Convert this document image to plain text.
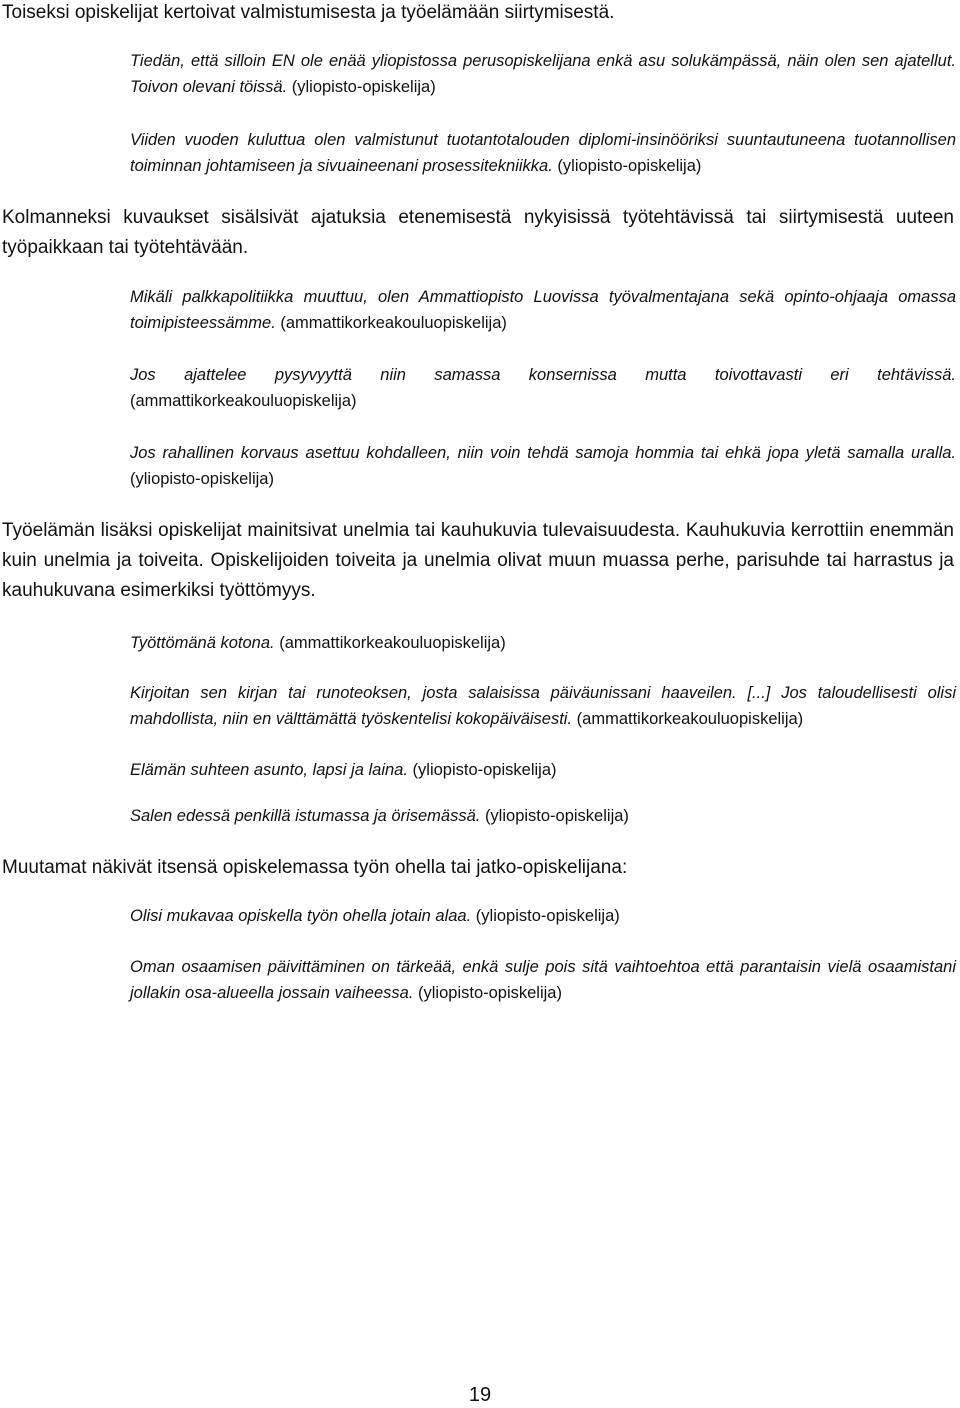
Toiseksi opiskelijat kertoivat valmistumisesta ja työelämään siirtymisestä.

Tiedän, että silloin EN ole enää yliopistossa perusopiskelijana enkä asu solukämpässä, näin olen sen ajatellut. Toivon olevani töissä. (yliopisto-opiskelija)

Viiden vuoden kuluttua olen valmistunut tuotantotalouden diplomi-insinööriksi suuntautuneena tuotannollisen toiminnan johtamiseen ja sivuaineenani prosessitekniikka. (yliopisto-opiskelija)

Kolmanneksi kuvaukset sisälsivät ajatuksia etenemisestä nykyisissä työtehtävissä tai siirtymisestä uuteen työpaikkaan tai työtehtävään.

Mikäli palkkapolitiikka muuttuu, olen Ammattiopisto Luovissa työvalmentajana sekä opinto-ohjaaja omassa toimipisteessämme. (ammattikorkeakouluopiskelija)

Jos ajattelee pysyvyyttä niin samassa konsernissa mutta toivottavasti eri tehtävissä. (ammattikorkeakouluopiskelija)

Jos rahallinen korvaus asettuu kohdalleen, niin voin tehdä samoja hommia tai ehkä jopa yletä samalla uralla. (yliopisto-opiskelija)

Työelämän lisäksi opiskelijat mainitsivat unelmia tai kauhukuvia tulevaisuudesta. Kauhukuvia kerrottiin enemmän kuin unelmia ja toiveita. Opiskelijoiden toiveita ja unelmia olivat muun muassa perhe, parisuhde tai harrastus ja kauhukuvana esimerkiksi työttömyys.

Työttömänä kotona. (ammattikorkeakouluopiskelija)

Kirjoitan sen kirjan tai runoteoksen, josta salaisissa päiväunissani haaveilen. [...] Jos taloudellisesti olisi mahdollista, niin en välttämättä työskentelisi kokopäiväisesti. (ammattikorkeakouluopiskelija)

Elämän suhteen asunto, lapsi ja laina. (yliopisto-opiskelija)

Salen edessä penkillä istumassa ja örisemässä. (yliopisto-opiskelija)

Muutamat näkivät itsensä opiskelemassa työn ohella tai jatko-opiskelijana:

Olisi mukavaa opiskella työn ohella jotain alaa. (yliopisto-opiskelija)

Oman osaamisen päivittäminen on tärkeää, enkä sulje pois sitä vaihtoehtoa että parantaisin vielä osaamistani jollakin osa-alueella jossain vaiheessa. (yliopisto-opiskelija)

19
